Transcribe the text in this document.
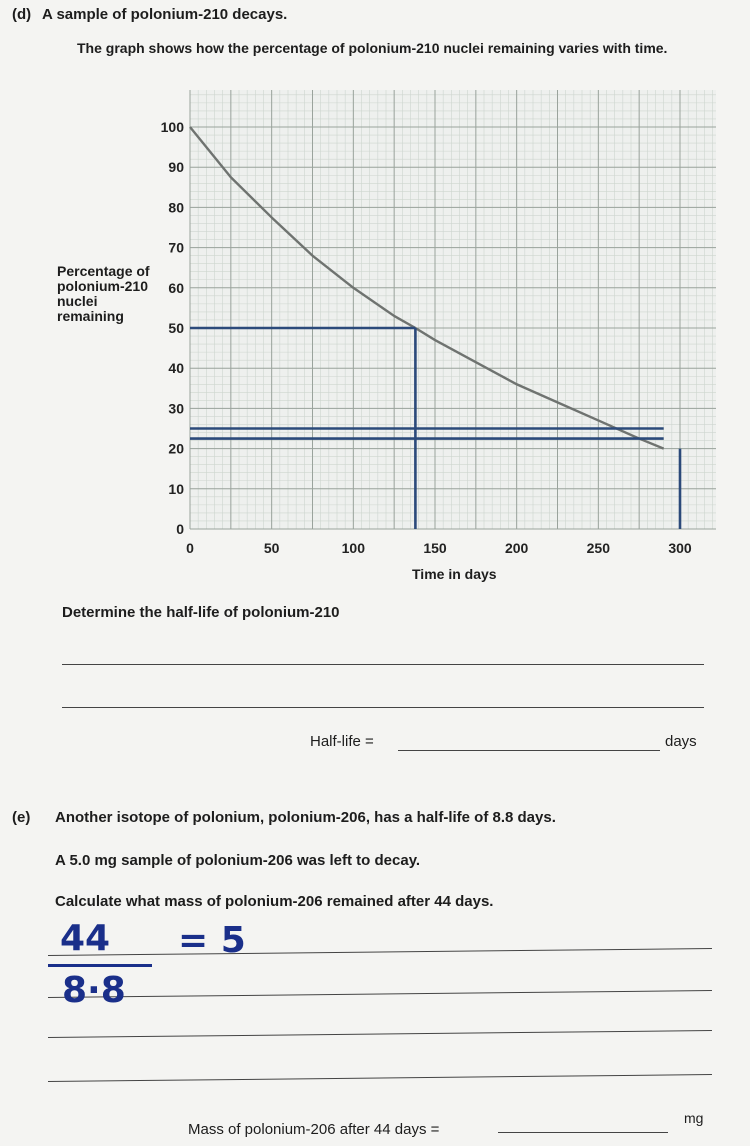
(d) A sample of polonium-210 decays.
The graph shows how the percentage of polonium-210 nuclei remaining varies with time.
Percentage of
polonium-210
nuclei
remaining
0
10
20
30
40
50
60
70
80
90
100
0	50	100	150	200	250	300
Time in days
Determine the half-life of polonium-210
Half-life =	days
(e) Another isotope of polonium, polonium-206, has a half-life of 8.8 days.
A 5.0 mg sample of polonium-206 was left to decay.
Calculate what mass of polonium-206 remained after 44 days.
44
8·8
= 5
Mass of polonium-206 after 44 days =
mg
